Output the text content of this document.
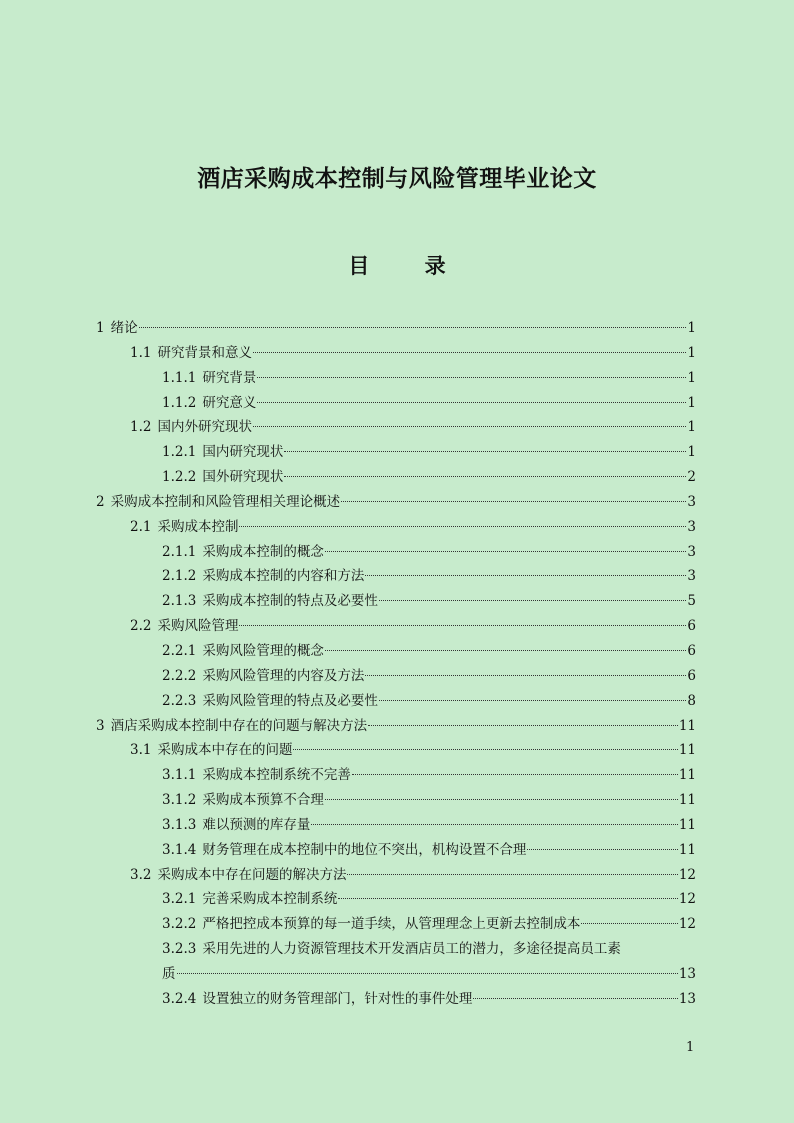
酒店采购成本控制与风险管理毕业论文
目 录
1 绪论	1
1.1 研究背景和意义	1
1.1.1 研究背景	1
1.1.2 研究意义	1
1.2 国内外研究现状	1
1.2.1 国内研究现状	1
1.2.2 国外研究现状	2
2 采购成本控制和风险管理相关理论概述	3
2.1 采购成本控制	3
2.1.1 采购成本控制的概念	3
2.1.2 采购成本控制的内容和方法	3
2.1.3 采购成本控制的特点及必要性	5
2.2 采购风险管理	6
2.2.1 采购风险管理的概念	6
2.2.2 采购风险管理的内容及方法	6
2.2.3 采购风险管理的特点及必要性	8
3 酒店采购成本控制中存在的问题与解决方法	11
3.1 采购成本中存在的问题	11
3.1.1 采购成本控制系统不完善	11
3.1.2 采购成本预算不合理	11
3.1.3 难以预测的库存量	11
3.1.4 财务管理在成本控制中的地位不突出，机构设置不合理	11
3.2 采购成本中存在问题的解决方法	12
3.2.1 完善采购成本控制系统	12
3.2.2 严格把控成本预算的每一道手续，从管理理念上更新去控制成本	12
3.2.3 采用先进的人力资源管理技术开发酒店员工的潜力，多途径提高员工素
质	13
3.2.4 设置独立的财务管理部门，针对性的事件处理	13
1
